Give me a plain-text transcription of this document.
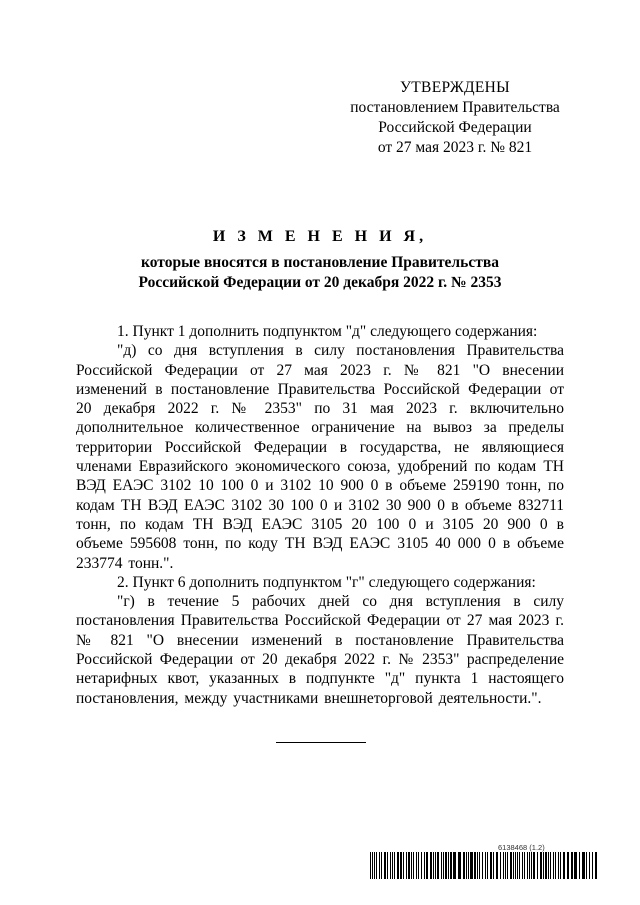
УТВЕРЖДЕНЫ
постановлением Правительства
Российской Федерации
от 27 мая 2023 г. № 821
И З М Е Н Е Н И Я,
которые вносятся в постановление Правительства
Российской Федерации от 20 декабря 2022 г. № 2353

1. Пункт 1 дополнить подпунктом "д" следующего содержания:

"д) со дня вступления в силу постановления Правительства Российской Федерации от 27 мая 2023 г. № 821 "О внесении изменений в постановление Правительства Российской Федерации от 20 декабря 2022 г. № 2353" по 31 мая 2023 г. включительно дополнительное количественное ограничение на вывоз за пределы территории Российской Федерации в государства, не являющиеся членами Евразийского экономического союза, удобрений по кодам ТН ВЭД ЕАЭС 3102 10 100 0 и 3102 10 900 0 в объеме 259190 тонн, по кодам ТН ВЭД ЕАЭС 3102 30 100 0 и 3102 30 900 0 в объеме 832711 тонн, по кодам ТН ВЭД ЕАЭС 3105 20 100 0 и 3105 20 900 0 в объеме 595608 тонн, по коду ТН ВЭД ЕАЭС 3105 40 000 0 в объеме 233774 тонн.".

2. Пункт 6 дополнить подпунктом "г" следующего содержания:

"г) в течение 5 рабочих дней со дня вступления в силу постановления Правительства Российской Федерации от 27 мая 2023 г. № 821 "О внесении изменений в постановление Правительства Российской Федерации от 20 декабря 2022 г. № 2353" распределение нетарифных квот, указанных в подпункте "д" пункта 1 настоящего постановления, между участниками внешнеторговой деятельности.".

6138468 (1.2)
